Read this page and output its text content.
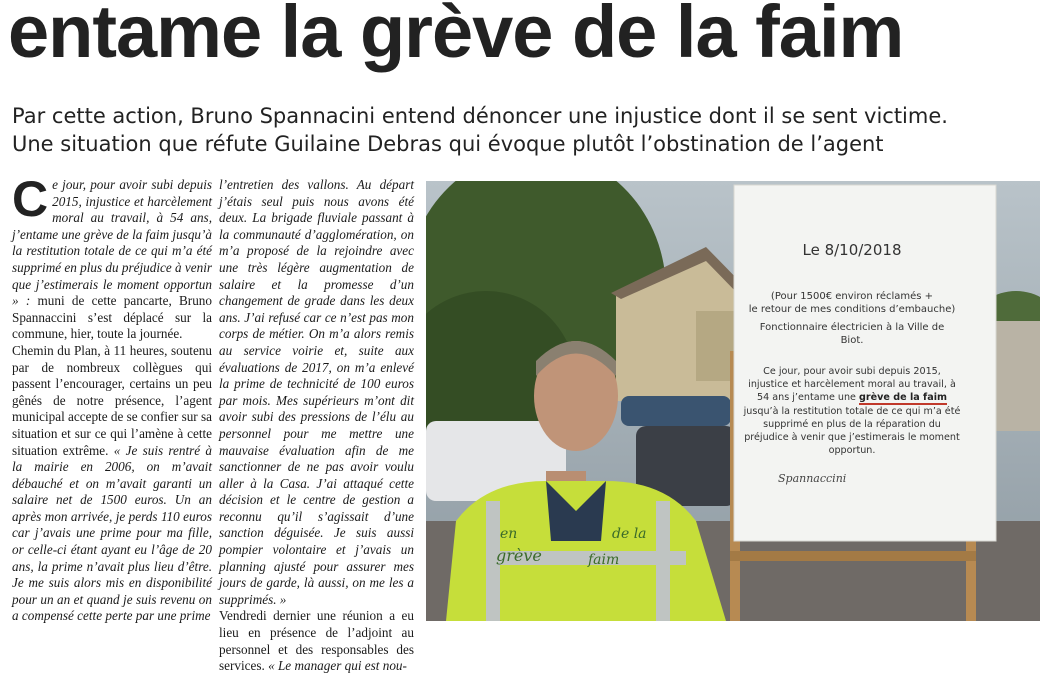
entame la grève de la faim
Par cette action, Bruno Spannacini entend dénoncer une injustice dont il se sent victime.
Une situation que réfute Guilaine Debras qui évoque plutôt l’obstination de l’agent

Ce jour, pour avoir subi depuis 2015, injustice et harcèlement moral au travail, à 54 ans, j’entame une grève de la faim jusqu’à la restitution totale de ce qui m’a été supprimé en plus du préjudice à venir que j’estimerais le moment opportun » : muni de cette pancarte, Bruno Spannaccini s’est déplacé sur la commune, hier, toute la journée.

Chemin du Plan, à 11 heures, soutenu par de nombreux collègues qui passent l’encourager, certains un peu gênés de notre présence, l’agent municipal accepte de se confier sur sa situation et sur ce qui l’amène à cette situation extrême. « Je suis rentré à la mairie en 2006, on m’avait débauché et on m’avait garanti un salaire net de 1500 euros. Un an après mon arrivée, je perds 110 euros car j’avais une prime pour ma fille, or celle-ci étant ayant eu l’âge de 20 ans, la prime n’avait plus lieu d’être. Je me suis alors mis en disponibilité pour un an et quand je suis revenu on a compensé cette perte par une prime

l’entretien des vallons. Au départ j’étais seul puis nous avons été deux. La brigade fluviale passant à la communauté d’agglomération, on m’a proposé de la rejoindre avec une très légère augmentation de salaire et la promesse d’un changement de grade dans les deux ans. J’ai refusé car ce n’est pas mon corps de métier. On m’a alors remis au service voirie et, suite aux évaluations de 2017, on m’a enlevé la prime de technicité de 100 euros par mois. Mes supérieurs m’ont dit avoir subi des pressions de l’élu au personnel pour me mettre une mauvaise évaluation afin de me sanctionner de ne pas avoir voulu aller à la Casa. J’ai attaqué cette décision et le centre de gestion a reconnu qu’il s’agissait d’une sanction déguisée. Je suis aussi pompier volontaire et j’avais un planning ajusté pour assurer mes jours de garde, là aussi, on me les a supprimés. »

Vendredi dernier une réunion a eu lieu en présence de l’adjoint au personnel et des responsables des services. « Le manager qui est nou-

Le 8/10/2018
(Pour 1500€ environ réclamés +
le retour de mes conditions d’embauche)
Fonctionnaire électricien à la Ville de
Biot.
Ce jour, pour avoir subi depuis 2015, injustice et harcèlement moral au travail, à 54 ans j’entame une grève de la faim jusqu’à la restitution totale de ce qui m’a été supprimé en plus de la réparation du préjudice à venir que j’estimerais le moment opportun.
Spannaccini
en
grève
de la
faim
